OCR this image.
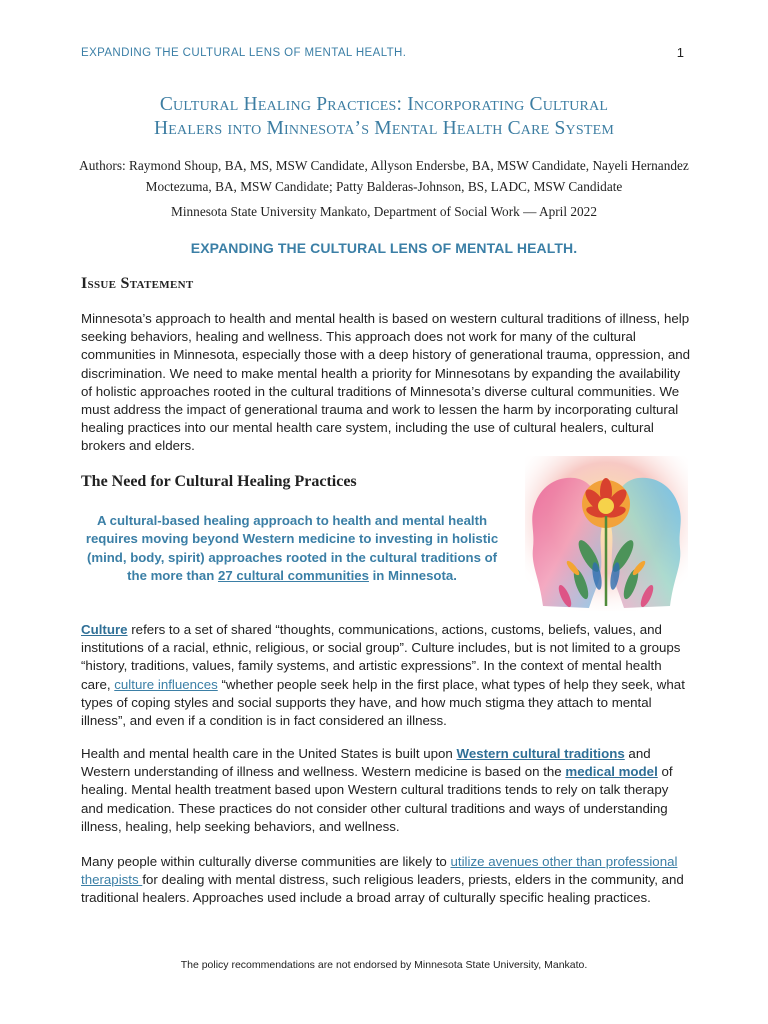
EXPANDING THE CULTURAL LENS OF MENTAL HEALTH.	1
Cultural Healing Practices: Incorporating Cultural
Healers into Minnesota’s Mental Health Care System
Authors: Raymond Shoup, BA, MS, MSW Candidate, Allyson Endersbe, BA, MSW Candidate, Nayeli Hernandez Moctezuma, BA, MSW Candidate; Patty Balderas-Johnson, BS, LADC, MSW Candidate
Minnesota State University Mankato, Department of Social Work — April 2022
EXPANDING THE CULTURAL LENS OF MENTAL HEALTH.
Issue Statement
Minnesota’s approach to health and mental health is based on western cultural traditions of illness, help seeking behaviors, healing and wellness. This approach does not work for many of the cultural communities in Minnesota, especially those with a deep history of generational trauma, oppression, and discrimination. We need to make mental health a priority for Minnesotans by expanding the availability of holistic approaches rooted in the cultural traditions of Minnesota’s diverse cultural communities. We must address the impact of generational trauma and work to lessen the harm by incorporating cultural healing practices into our mental health care system, including the use of cultural healers, cultural brokers and elders.
The Need for Cultural Healing Practices
A cultural-based healing approach to health and mental health requires moving beyond Western medicine to investing in holistic (mind, body, spirit) approaches rooted in the cultural traditions of the more than 27 cultural communities in Minnesota.
Culture refers to a set of shared “thoughts, communications, actions, customs, beliefs, values, and institutions of a racial, ethnic, religious, or social group”. Culture includes, but is not limited to a groups “history, traditions, values, family systems, and artistic expressions”. In the context of mental health care, culture influences “whether people seek help in the first place, what types of help they seek, what types of coping styles and social supports they have, and how much stigma they attach to mental illness”, and even if a condition is in fact considered an illness.
Health and mental health care in the United States is built upon Western cultural traditions and Western understanding of illness and wellness. Western medicine is based on the medical model of healing. Mental health treatment based upon Western cultural traditions tends to rely on talk therapy and medication. These practices do not consider other cultural traditions and ways of understanding illness, healing, help seeking behaviors, and wellness.
Many people within culturally diverse communities are likely to utilize avenues other than professional therapists for dealing with mental distress, such religious leaders, priests, elders in the community, and traditional healers. Approaches used include a broad array of culturally specific healing practices.
The policy recommendations are not endorsed by Minnesota State University, Mankato.
